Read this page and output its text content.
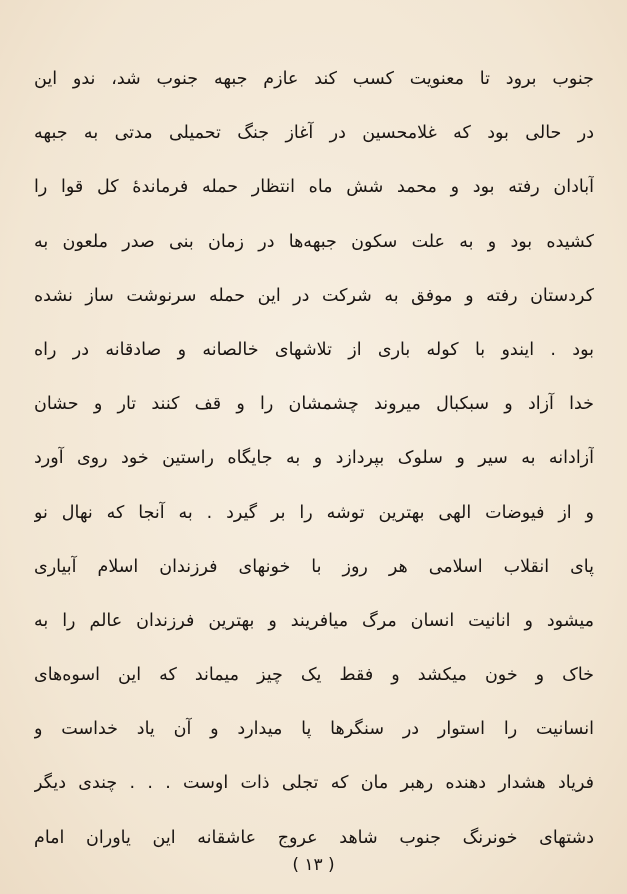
جنوب برود تا معنویت کسب کند عازم جبهه جنوب شد، ندو این
در حالی بود که غلامحسین در آغاز جنگ تحمیلی مدتی به جبهه
آبادان رفته بود و محمد شش ماه انتظار حمله فرماندهٔ کل قوا را
کشیده بود و به علت سکون جبهه‌ها در زمان بنی صدر ملعون به
کردستان رفته و موفق به شرکت در این حمله سرنوشت ساز نشده
بود . ایندو با کوله باری از تلاشهای خالصانه و صادقانه در راه
خدا آزاد و سبکبال میروند چشمشان را و قف کنند تار و حشان
آزادانه به سیر و سلوک بپردازد و به جایگاه راستین خود روی آورد
و از فیوضات الهی بهترین توشه را بر گیرد . به آنجا که نهال نو
پای انقلاب اسلامی هر روز با خونهای فرزندان اسلام آبیاری
میشود و انانیت انسان مرگ میافریند و بهترین فرزندان عالم را به
خاک و خون میکشد و فقط یک چیز میماند که این اسوه‌های
انسانیت را استوار در سنگرها پا میدارد و آن یاد خداست و
فریاد هشدار دهنده رهبر مان که تجلی ذات اوست . . . چندی دیگر
دشتهای خونرنگ جنوب شاهد عروج عاشقانه این یاوران امام
( ۱۳ )
